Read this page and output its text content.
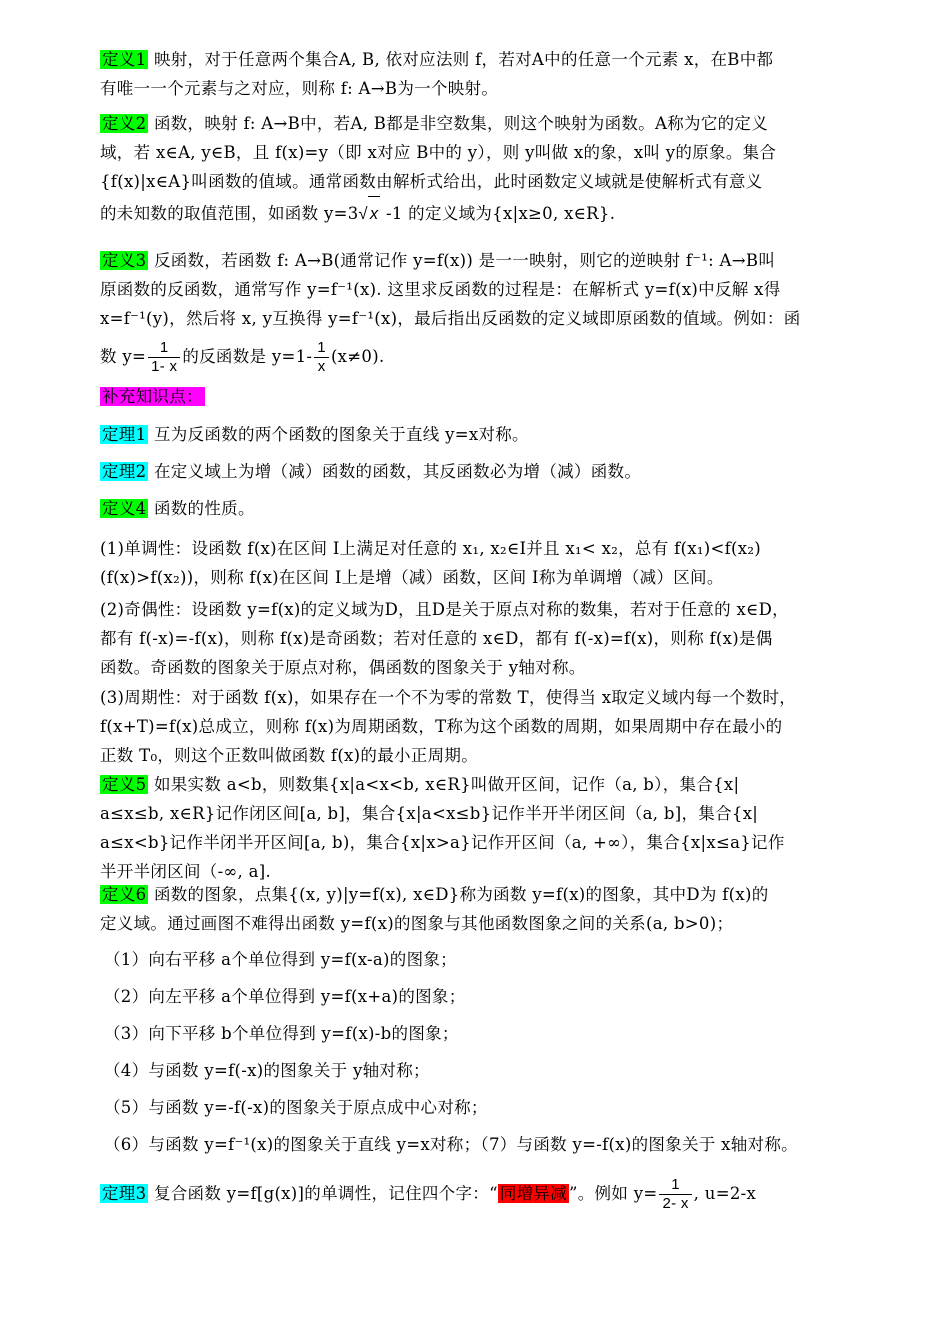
定义1 映射，对于任意两个集合A, B, 依对应法则 f，若对A中的任意一个元素 x，在B中都
有唯一一个元素与之对应，则称 f: A→B为一个映射。
定义2 函数，映射 f: A→B中，若A, B都是非空数集，则这个映射为函数。A称为它的定义
域，若 x∈A, y∈B，且 f(x)=y（即 x对应 B中的 y），则 y叫做 x的象，x叫 y的原象。集合
{f(x)|x∈A}叫函数的值域。通常函数由解析式给出，此时函数定义域就是使解析式有意义
的未知数的取值范围，如函数 y=3√ x -1 的定义域为{x|x≥0, x∈R}.
定义3 反函数，若函数 f: A→B(通常记作 y=f(x)) 是一一映射，则它的逆映射 f⁻¹: A→B叫
原函数的反函数，通常写作 y=f⁻¹(x). 这里求反函数的过程是：在解析式 y=f(x)中反解 x得
x=f⁻¹(y)，然后将 x, y互换得 y=f⁻¹(x)，最后指出反函数的定义域即原函数的值域。例如：函
数 $y= \frac{1}{1- x}$ 的反函数是 $y=1- \frac{1}{x} (x\ne 0)$.
补充知识点：
定理1 互为反函数的两个函数的图象关于直线 y=x对称。
定理2 在定义域上为增（减）函数的函数，其反函数必为增（减）函数。
定义4 函数的性质。
(1)单调性：设函数 f(x)在区间 I上满足对任意的 x₁, x₂∈I并且 x₁< x₂，总有 f(x₁)<f(x₂)
(f(x)>f(x₂))，则称 f(x)在区间 I上是增（减）函数，区间 I称为单调增（减）区间。
(2)奇偶性：设函数 y=f(x)的定义域为D，且D是关于原点对称的数集，若对于任意的 x∈D，
都有 f(-x)=-f(x)，则称 f(x)是奇函数；若对任意的 x∈D，都有 f(-x)=f(x)，则称 f(x)是偶
函数。奇函数的图象关于原点对称，偶函数的图象关于 y轴对称。
(3)周期性：对于函数 f(x)，如果存在一个不为零的常数 T，使得当 x取定义域内每一个数时，
f(x+T)=f(x)总成立，则称 f(x)为周期函数，T称为这个函数的周期，如果周期中存在最小的
正数 T₀，则这个正数叫做函数 f(x)的最小正周期。
定义5 如果实数 a<b，则数集{x|a<x<b, x∈R}叫做开区间，记作（a, b），集合{x|
a≤x≤b, x∈R}记作闭区间[a, b]，集合{x|a<x≤b}记作半开半闭区间（a, b]，集合{x|
a≤x<b}记作半闭半开区间[a, b)，集合{x|x>a}记作开区间（a, +∞），集合{x|x≤a}记作
半开半闭区间（-∞, a].
定义6 函数的图象，点集{(x, y)|y=f(x), x∈D}称为函数 y=f(x)的图象，其中D为 f(x)的
定义域。通过画图不难得出函数 y=f(x)的图象与其他函数图象之间的关系(a, b>0)；
（1）向右平移 a个单位得到 y=f(x-a)的图象；
（2）向左平移 a个单位得到 y=f(x+a)的图象；
（3）向下平移 b个单位得到 y=f(x)-b的图象；
（4）与函数 y=f(-x)的图象关于 y轴对称；
（5）与函数 y=-f(-x)的图象关于原点成中心对称；
（6）与函数 y=f⁻¹(x)的图象关于直线 y=x对称；（7）与函数 y=-f(x)的图象关于 x轴对称。
定理3 复合函数 y=f[g(x)]的单调性，记住四个字：“ 同增异减 ”。例如 $y= \frac{1}{2- x}$ , u=2-x
